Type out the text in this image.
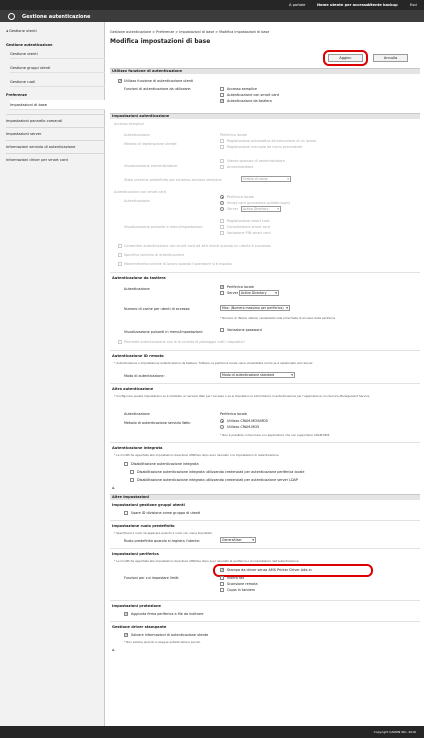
A portale	Nome utente per accesso:
Utente backup	Esci
Gestione autenticazione
◂ Gestione utenti
Gestione autenticazione
Gestione utenti
Gestione gruppi utenti
Gestione ruoli
Preferenze
Impostazioni di base
Impostazioni pannello comandi
Impostazioni server
Informazioni servizio di autenticazione
Informazioni driver per smart card
Gestione autenticazione > Preferenze > Impostazioni di base > Modifica impostazioni di base
Modifica impostazioni di base
Aggior.	Annulla
Utilizzo funzione di autenticazione
✓ Utilizzo funzione di autenticazione utenti
Funzioni di autenticazione da utilizzare:	Accesso semplice
Autenticazione con smart card
✓ Autenticazione da tastiera
Impostazioni autenticazione
Accesso semplice
Autenticazione:	Periferica locale
Metodo di registrazione utente:
Registrazione automatica all'esecuzione di un lavoro
Registrazione manuale da menu precedente
Visualizzazione amministratore:
Utente speciale di amministratore
Amministratore
Stato schermo predefinito per schermo accesso semplice:	Ordine di nome ▾
Autenticazione con smart card
Autenticazione:
Periferica locale
Smart card (procedura guidata login)
Server	Active Directory ▾
Visualizzazione pulsante a menu/impostazioni:
Registrazione smart card
Cancellazione smart card
Variazione PIN smart card
Consentire autenticazione con smart card ad altri utenti quando un utente è connesso
Specifica dominio di autenticazione
Mantenimento schede di lavoro quando l'operatore si è espulso
Autenticazione da tastiera
Autenticazione:	✓ Periferica locale
Server Active Directory ▾
Numero di cache per utenti di accesso:	Max. (Numero massimo per periferica) ▾
* Numero di (Nome utente) visualizzati nella schermata di accesso della periferica
Visualizzazione pulsanti in menu/impostazioni:	Variazione password
Permette autenticazione con le le schede di pilotaggio tutti i dispositivi
Autenticazione ID remota
* Autenticazione o impostazione autenticazione da tastiera. Tuttavia, la periferica locale viene visualizzata anche se è selezionato solo Server.
Modo di autenticazione:	Modo di autenticazione standard ▾
Altra autenticazione
* Configurare queste impostazioni se è utilizzato un servizio Web per l'accesso o se si impostano le informazioni di autenticazione per l'applicazione con Service Management Service.
Autenticazione:	Periferica locale
Metodo di autenticazione servizio Web:	Utilizzo CRAM-MD5/MD5
Utilizzo CRAM-MD5
* Non è possibile comunicare con applicazioni che non supportano CRAM-MD5.
Autenticazione integrata
* Le modifiche apportate alle impostazioni diventano effettive dopo aver riavviato o le impostazioni di autenticazione
Disabilitazione autenticazione integrata
Disabilitazione autenticazione integrata utilizzando credenziali per autenticazione periferica locale
Disabilitazione autenticazione integrata utilizzando credenziali per autenticazione server LDAP
⩟
Altre impostazioni
Impostazioni gestione gruppi utenti
Usare ID divisione come gruppo di utenti
Impostazione ruolo predefinito
* Specificare il ruolo da applicare quando il ruolo non viene impostato.
Ruolo predefinito quando si registra l'utente:	GeneralUser ▾
Impostazioni periferica
* Le modifiche apportate alle impostazioni diventano effettive dopo aver riavviato la periferica o le impostazioni dell'autenticazione
Funzioni per cui impostare limiti:
✓ Stampa da driver senza AMS Printer Driver Add-in
Inoltro fax
Scansione remota
Copia in tandem
Impostazioni protezione
✓ Aggiunta firma periferica a file da inoltrare
Gestione driver stampante
✓ Salvare informazioni di autenticazione utente
* Non salvare quando si esegue autenticazione servizi.
⩟
Copyright CANON INC. 2016
